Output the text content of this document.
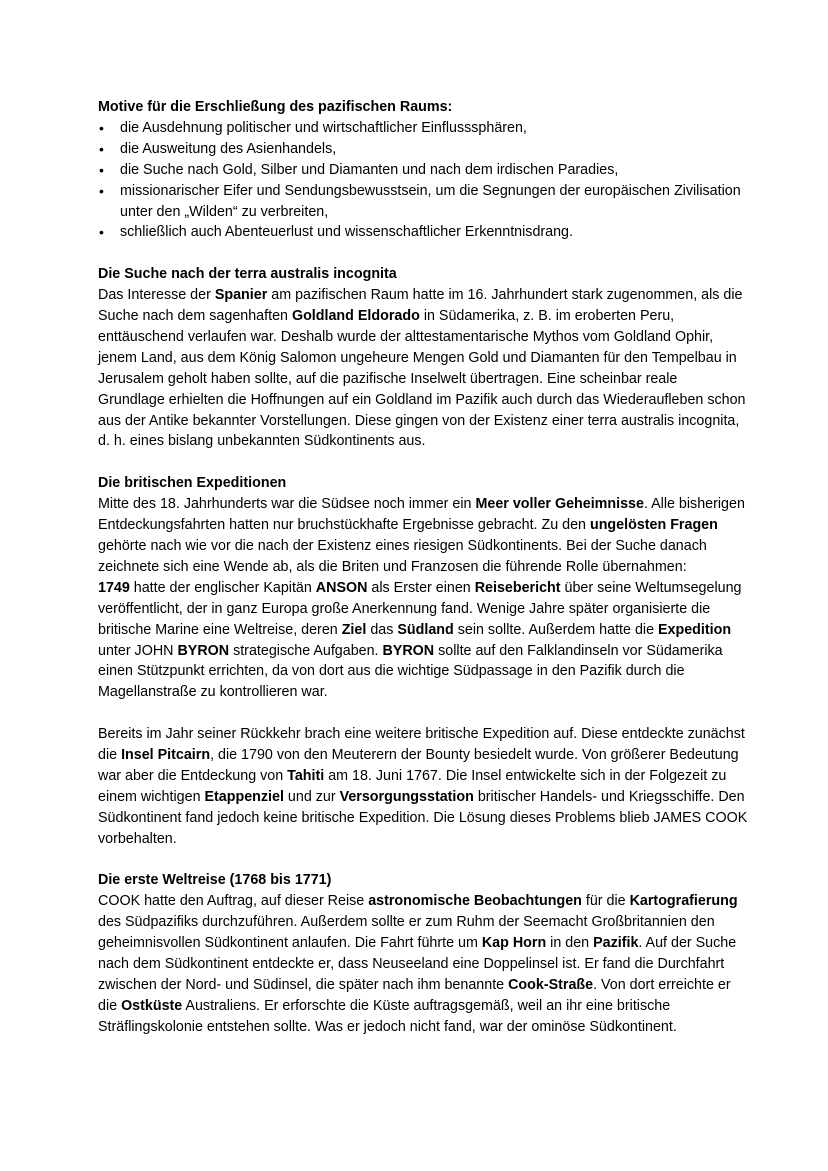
Motive für die Erschließung des pazifischen Raums:
• die Ausdehnung politischer und wirtschaftlicher Einflusssphären,
• die Ausweitung des Asienhandels,
• die Suche nach Gold, Silber und Diamanten und nach dem irdischen Paradies,
• missionarischer Eifer und Sendungsbewusstsein, um die Segnungen der europäischen Zivilisation unter den „Wilden“ zu verbreiten,
• schließlich auch Abenteuerlust und wissenschaftlicher Erkenntnisdrang.
Die Suche nach der terra australis incognita
Das Interesse der Spanier am pazifischen Raum hatte im 16. Jahrhundert stark zugenommen, als die Suche nach dem sagenhaften Goldland Eldorado in Südamerika, z. B. im eroberten Peru, enttäuschend verlaufen war. Deshalb wurde der alttestamentarische Mythos vom Goldland Ophir, jenem Land, aus dem König Salomon ungeheure Mengen Gold und Diamanten für den Tempelbau in Jerusalem geholt haben sollte, auf die pazifische Inselwelt übertragen. Eine scheinbar reale Grundlage erhielten die Hoffnungen auf ein Goldland im Pazifik auch durch das Wiederaufleben schon aus der Antike bekannter Vorstellungen. Diese gingen von der Existenz einer terra australis incognita, d. h. eines bislang unbekannten Südkontinents aus.
Die britischen Expeditionen
Mitte des 18. Jahrhunderts war die Südsee noch immer ein Meer voller Geheimnisse. Alle bisherigen Entdeckungsfahrten hatten nur bruchstückhafte Ergebnisse gebracht. Zu den ungelösten Fragen gehörte nach wie vor die nach der Existenz eines riesigen Südkontinents. Bei der Suche danach zeichnete sich eine Wende ab, als die Briten und Franzosen die führende Rolle übernahmen:
1749 hatte der englischer Kapitän ANSON als Erster einen Reisebericht über seine Weltumsegelung veröffentlicht, der in ganz Europa große Anerkennung fand. Wenige Jahre später organisierte die britische Marine eine Weltreise, deren Ziel das Südland sein sollte. Außerdem hatte die Expedition unter JOHN BYRON strategische Aufgaben. BYRON sollte auf den Falklandinseln vor Südamerika einen Stützpunkt errichten, da von dort aus die wichtige Südpassage in den Pazifik durch die Magellanstraße zu kontrollieren war.
Bereits im Jahr seiner Rückkehr brach eine weitere britische Expedition auf. Diese entdeckte zunächst die Insel Pitcairn, die 1790 von den Meuterern der Bounty besiedelt wurde. Von größerer Bedeutung war aber die Entdeckung von Tahiti am 18. Juni 1767. Die Insel entwickelte sich in der Folgezeit zu einem wichtigen Etappenziel und zur Versorgungsstation britischer Handels- und Kriegsschiffe. Den Südkontinent fand jedoch keine britische Expedition. Die Lösung dieses Problems blieb JAMES COOK vorbehalten.
Die erste Weltreise (1768 bis 1771)
COOK hatte den Auftrag, auf dieser Reise astronomische Beobachtungen für die Kartografierung des Südpazifiks durchzuführen. Außerdem sollte er zum Ruhm der Seemacht Großbritannien den geheimnisvollen Südkontinent anlaufen. Die Fahrt führte um Kap Horn in den Pazifik. Auf der Suche nach dem Südkontinent entdeckte er, dass Neuseeland eine Doppelinsel ist. Er fand die Durchfahrt zwischen der Nord- und Südinsel, die später nach ihm benannte Cook-Straße. Von dort erreichte er die Ostküste Australiens. Er erforschte die Küste auftragsgemäß, weil an ihr eine britische Sträflingskolonie entstehen sollte. Was er jedoch nicht fand, war der ominöse Südkontinent.
